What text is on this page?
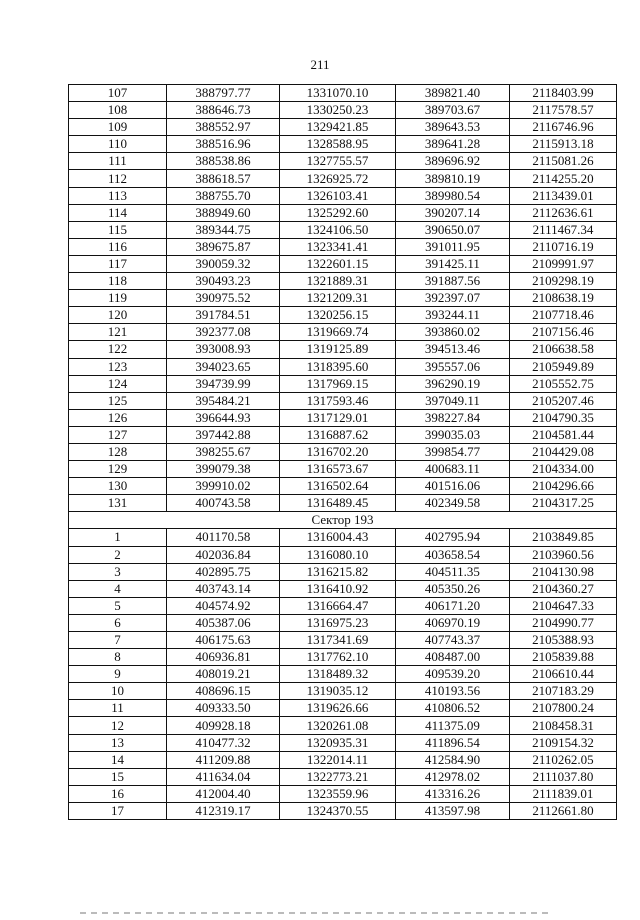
211
107	388797.77	1331070.10	389821.40	2118403.99
108	388646.73	1330250.23	389703.67	2117578.57
109	388552.97	1329421.85	389643.53	2116746.96
110	388516.96	1328588.95	389641.28	2115913.18
111	388538.86	1327755.57	389696.92	2115081.26
112	388618.57	1326925.72	389810.19	2114255.20
113	388755.70	1326103.41	389980.54	2113439.01
114	388949.60	1325292.60	390207.14	2112636.61
115	389344.75	1324106.50	390650.07	2111467.34
116	389675.87	1323341.41	391011.95	2110716.19
117	390059.32	1322601.15	391425.11	2109991.97
118	390493.23	1321889.31	391887.56	2109298.19
119	390975.52	1321209.31	392397.07	2108638.19
120	391784.51	1320256.15	393244.11	2107718.46
121	392377.08	1319669.74	393860.02	2107156.46
122	393008.93	1319125.89	394513.46	2106638.58
123	394023.65	1318395.60	395557.06	2105949.89
124	394739.99	1317969.15	396290.19	2105552.75
125	395484.21	1317593.46	397049.11	2105207.46
126	396644.93	1317129.01	398227.84	2104790.35
127	397442.88	1316887.62	399035.03	2104581.44
128	398255.67	1316702.20	399854.77	2104429.08
129	399079.38	1316573.67	400683.11	2104334.00
130	399910.02	1316502.64	401516.06	2104296.66
131	400743.58	1316489.45	402349.58	2104317.25
Сектор 193				
1	401170.58	1316004.43	402795.94	2103849.85
2	402036.84	1316080.10	403658.54	2103960.56
3	402895.75	1316215.82	404511.35	2104130.98
4	403743.14	1316410.92	405350.26	2104360.27
5	404574.92	1316664.47	406171.20	2104647.33
6	405387.06	1316975.23	406970.19	2104990.77
7	406175.63	1317341.69	407743.37	2105388.93
8	406936.81	1317762.10	408487.00	2105839.88
9	408019.21	1318489.32	409539.20	2106610.44
10	408696.15	1319035.12	410193.56	2107183.29
11	409333.50	1319626.66	410806.52	2107800.24
12	409928.18	1320261.08	411375.09	2108458.31
13	410477.32	1320935.31	411896.54	2109154.32
14	411209.88	1322014.11	412584.90	2110262.05
15	411634.04	1322773.21	412978.02	2111037.80
16	412004.40	1323559.96	413316.26	2111839.01
17	412319.17	1324370.55	413597.98	2112661.80
